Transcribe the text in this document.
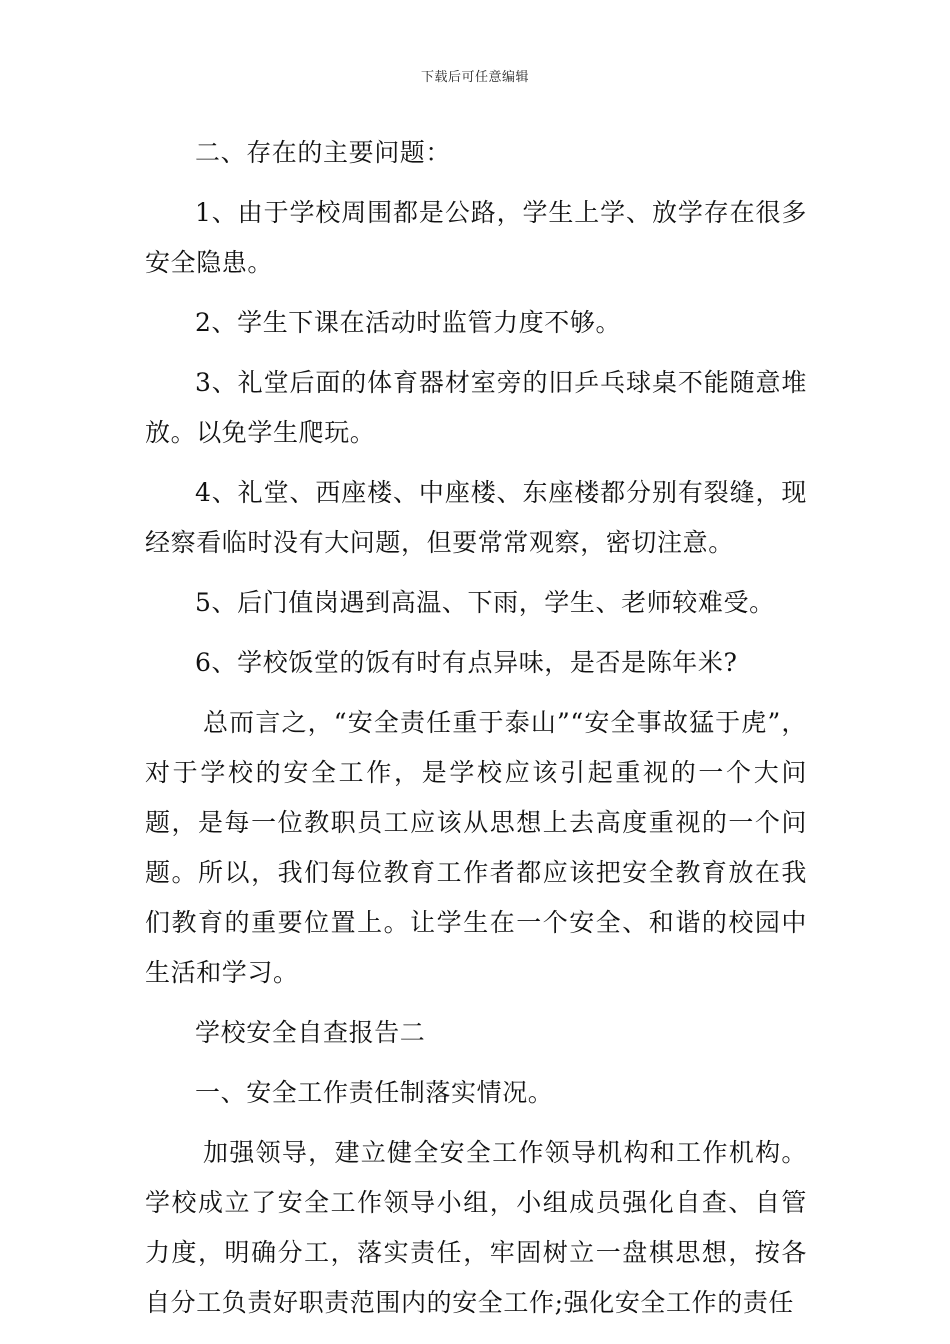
下载后可任意编辑

二、存在的主要问题：

1、由于学校周围都是公路，学生上学、放学存在很多安全隐患。

2、学生下课在活动时监管力度不够。

3、礼堂后面的体育器材室旁的旧乒乓球桌不能随意堆放。以免学生爬玩。

4、礼堂、西座楼、中座楼、东座楼都分别有裂缝，现经察看临时没有大问题，但要常常观察，密切注意。

5、后门值岗遇到高温、下雨，学生、老师较难受。

6、学校饭堂的饭有时有点异味，是否是陈年米?

总而言之，“安全责任重于泰山”“安全事故猛于虎”，对于学校的安全工作，是学校应该引起重视的一个大问题，是每一位教职员工应该从思想上去高度重视的一个问题。所以，我们每位教育工作者都应该把安全教育放在我们教育的重要位置上。让学生在一个安全、和谐的校园中生活和学习。

学校安全自查报告二

一、安全工作责任制落实情况。

加强领导，建立健全安全工作领导机构和工作机构。学校成立了安全工作领导小组，小组成员强化自查、自管力度，明确分工，落实责任，牢固树立一盘棋思想，按各自分工负责好职责范围内的安全工作;强化安全工作的责任
